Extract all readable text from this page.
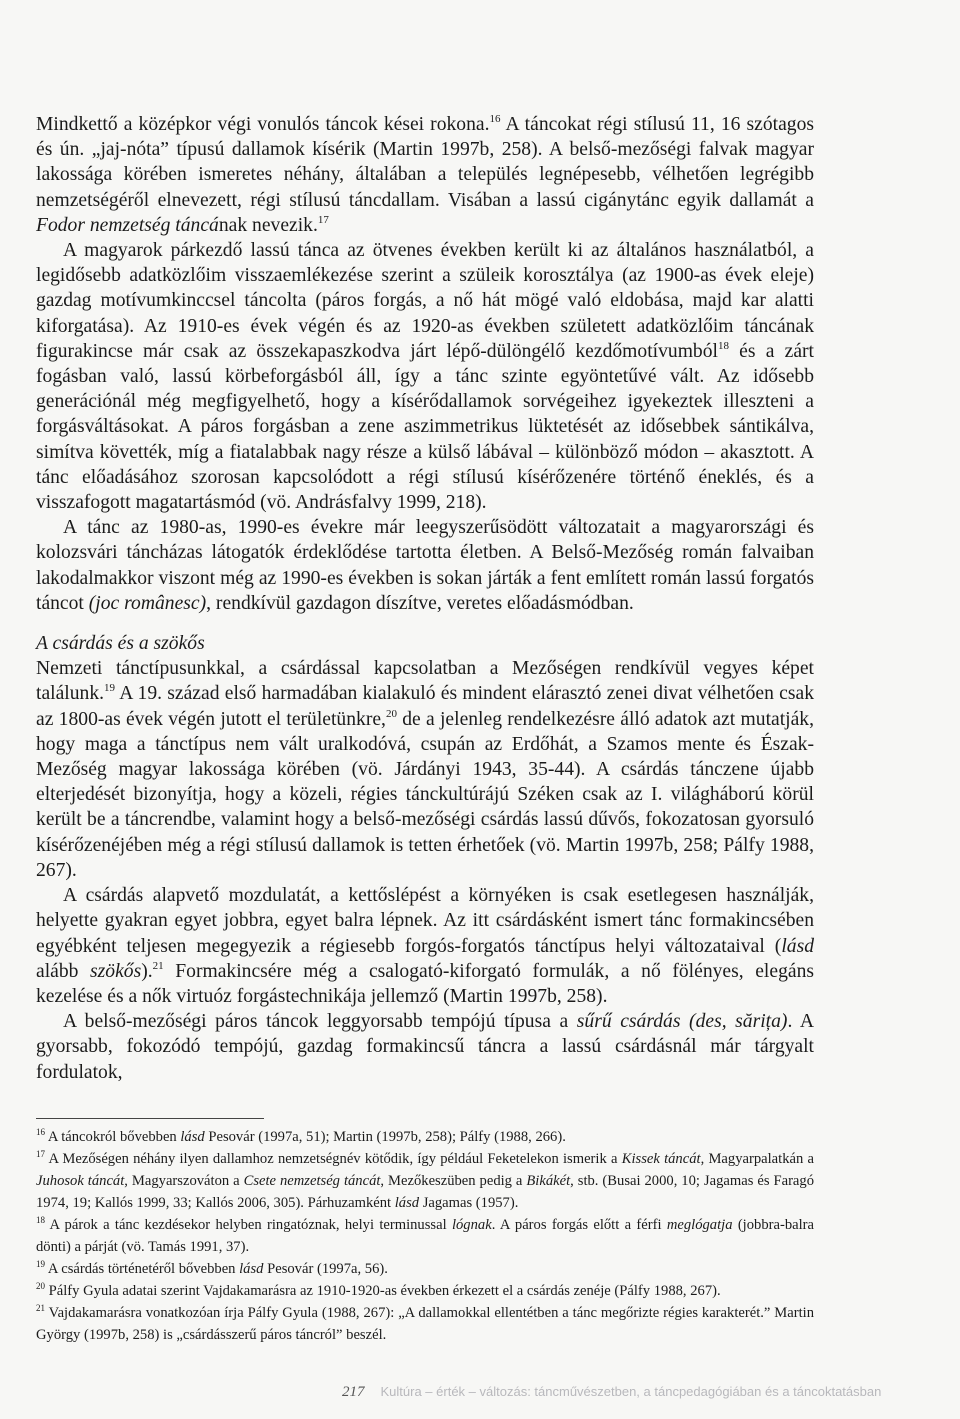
Mindkettő a középkor végi vonulós táncok kései rokona.$^{16}$ A táncokat régi stílusú 11, 16 szótagos és ún. „jaj-nóta” típusú dallamok kísérik (Martin 1997b, 258). A belső-mezőségi falvak magyar lakossága körében ismeretes néhány, általában a település legnépesebb, vélhetően legrégibb nemzetségéről elnevezett, régi stílusú táncdallam. Visában a lassú cigánytánc egyik dallamát a Fodor nemzetség táncának nevezik.$^{17}$

A magyarok párkezdő lassú tánca az ötvenes években került ki az általános használatból, a legidősebb adatközlőim visszaemlékezése szerint a szüleik korosztálya (az 1900-as évek eleje) gazdag motívumkinccsel táncolta (páros forgás, a nő hát mögé való eldobása, majd kar alatti kiforgatása). Az 1910-es évek végén és az 1920-as években született adatközlőim táncának figurakincse már csak az összekapaszkodva járt lépő-dülöngélő kezdőmotívumból$^{18}$ és a zárt fogásban való, lassú körbeforgásból áll, így a tánc szinte egyöntetűvé vált. Az idősebb generációnál még megfigyelhető, hogy a kísérődallamok sorvégeihez igyekeztek illeszteni a forgásváltásokat. A páros forgásban a zene aszimmetrikus lüktetését az idősebbek sántikálva, simítva követték, míg a fiatalabbak nagy része a külső lábával – különböző módon – akasztott. A tánc előadásához szorosan kapcsolódott a régi stílusú kísérőzenére történő éneklés, és a visszafogott magatartásmód (vö. Andrásfalvy 1999, 218).

A tánc az 1980-as, 1990-es évekre már leegyszerűsödött változatait a magyarországi és kolozsvári táncházas látogatók érdeklődése tartotta életben. A Belső-Mezőség román falvaiban lakodalmakkor viszont még az 1990-es években is sokan járták a fent említett román lassú forgatós táncot (joc românesc), rendkívül gazdagon díszítve, veretes előadásmódban.

A csárdás és a szökős

Nemzeti tánctípusunkkal, a csárdással kapcsolatban a Mezőségen rendkívül vegyes képet találunk.$^{19}$ A 19. század első harmadában kialakuló és mindent elárasztó zenei divat vélhetően csak az 1800-as évek végén jutott el területünkre,$^{20}$ de a jelenleg rendelkezésre álló adatok azt mutatják, hogy maga a tánctípus nem vált uralkodóvá, csupán az Erdőhát, a Szamos mente és Észak-Mezőség magyar lakossága körében (vö. Járdányi 1943, 35-44). A csárdás tánczene újabb elterjedését bizonyítja, hogy a közeli, régies tánckultúrájú Széken csak az I. világháború körül került be a táncrendbe, valamint hogy a belső-mezőségi csárdás lassú dűvős, fokozatosan gyorsuló kísérőzenéjében még a régi stílusú dallamok is tetten érhetőek (vö. Martin 1997b, 258; Pálfy 1988, 267).

A csárdás alapvető mozdulatát, a kettőslépést a környéken is csak esetlegesen használják, helyette gyakran egyet jobbra, egyet balra lépnek. Az itt csárdásként ismert tánc formakincsében egyébként teljesen megegyezik a régiesebb forgós-forgatós tánctípus helyi változataival (lásd alább szökős).$^{21}$ Formakincsére még a csalogató-kiforgató formulák, a nő fölényes, elegáns kezelése és a nők virtuóz forgástechnikája jellemző (Martin 1997b, 258).

A belső-mezőségi páros táncok leggyorsabb tempójú típusa a sűrű csárdás (des, sărița). A gyorsabb, fokozódó tempójú, gazdag formakincsű táncra a lassú csárdásnál már tárgyalt fordulatok,

$^{16}$ A táncokról bővebben lásd Pesovár (1997a, 51); Martin (1997b, 258); Pálfy (1988, 266).

$^{17}$ A Mezőségen néhány ilyen dallamhoz nemzetségnév kötődik, így például Feketelekon ismerik a Kissek táncát, Magyarpalatkán a Juhosok táncát, Magyarszováton a Csete nemzetség táncát, Mezőkeszüben pedig a Bikákét, stb. (Busai 2000, 10; Jagamas és Faragó 1974, 19; Kallós 1999, 33; Kallós 2006, 305). Párhuzamként lásd Jagamas (1957).

$^{18}$ A párok a tánc kezdésekor helyben ringatóznak, helyi terminussal lógnak. A páros forgás előtt a férfi meglógatja (jobbra-balra dönti) a párját (vö. Tamás 1991, 37).

$^{19}$ A csárdás történetéről bővebben lásd Pesovár (1997a, 56).

$^{20}$ Pálfy Gyula adatai szerint Vajdakamarásra az 1910-1920-as években érkezett el a csárdás zenéje (Pálfy 1988, 267).

$^{21}$ Vajdakamarásra vonatkozóan írja Pálfy Gyula (1988, 267): „A dallamokkal ellentétben a tánc megőrizte régies karakterét.” Martin György (1997b, 258) is „csárdásszerű páros táncról” beszél.

217 Kultúra – érték – változás: táncművészetben, a táncpedagógiában és a táncoktatásban
